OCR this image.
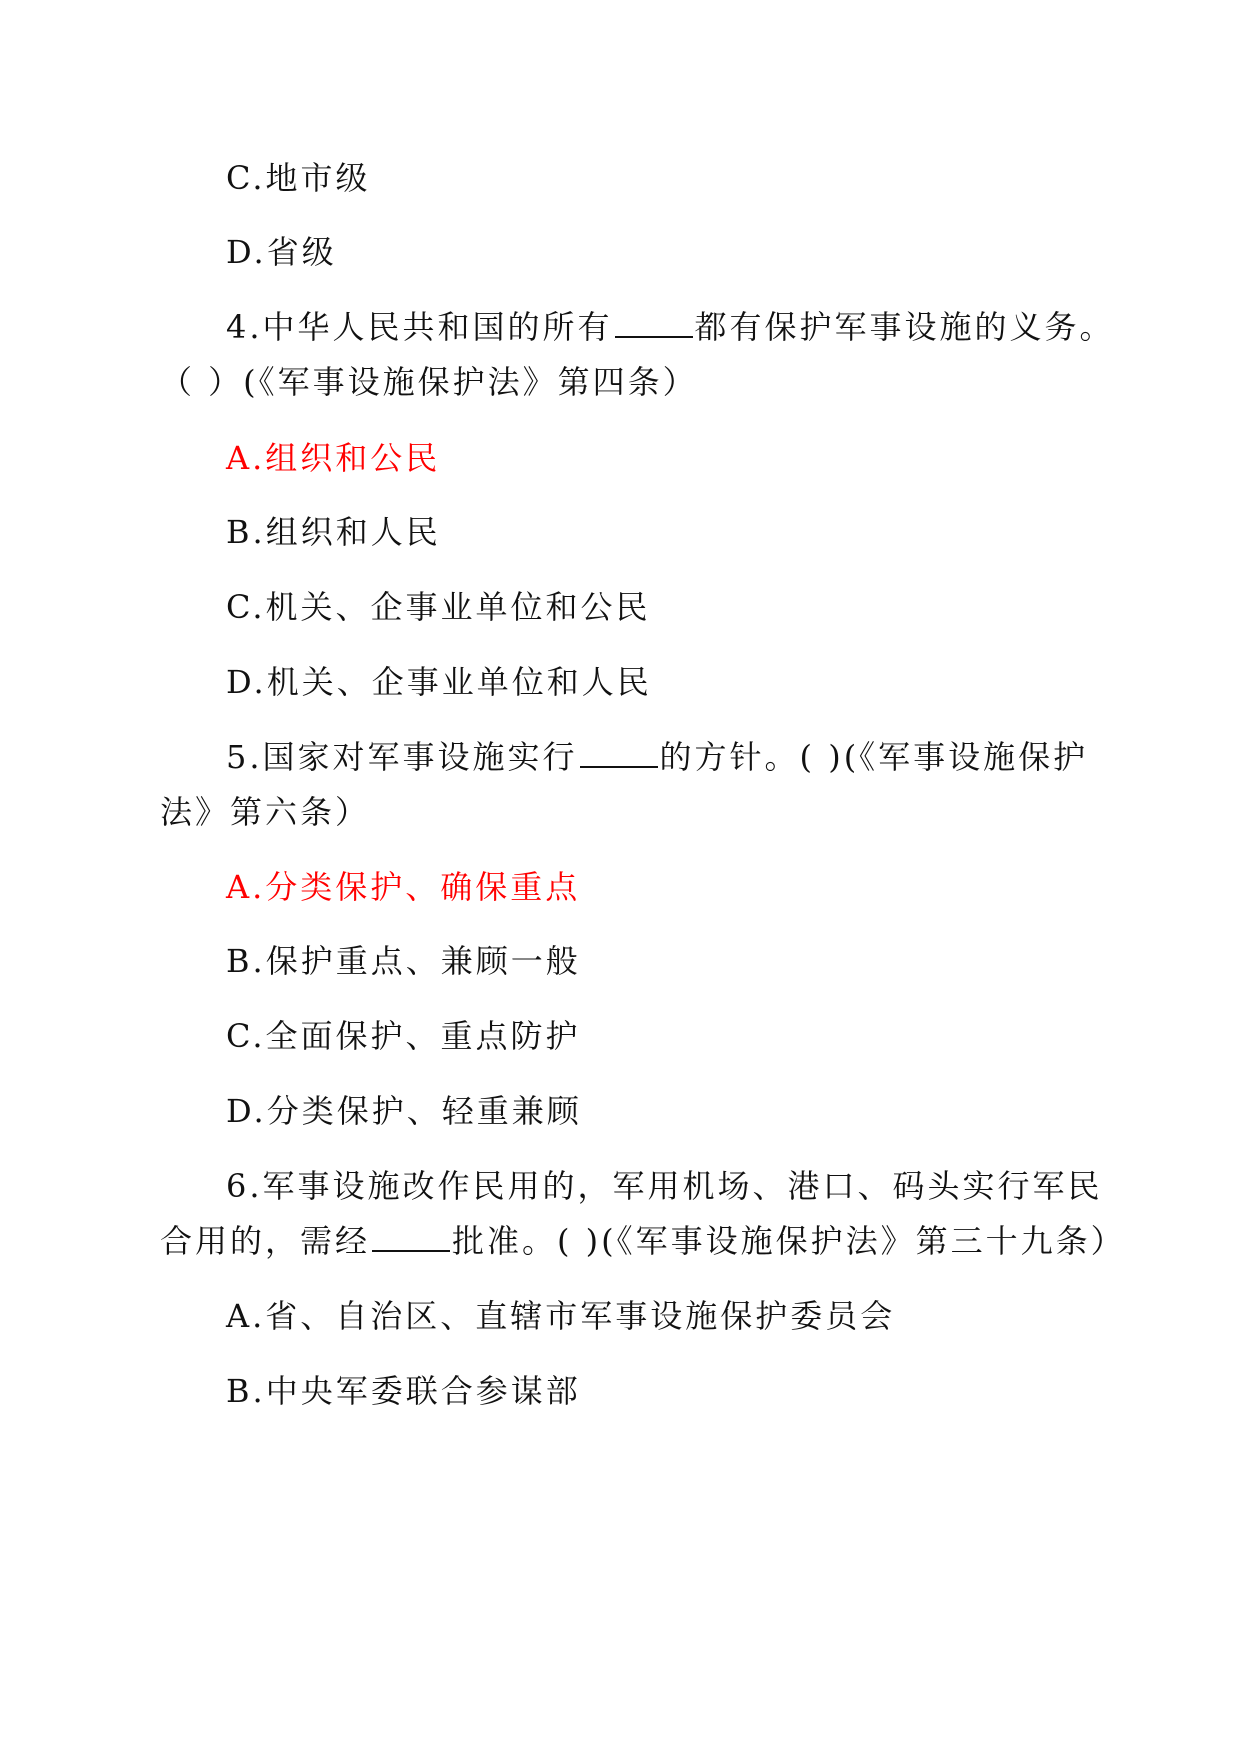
C.地市级
D.省级
4.中华人民共和国的所有	都有保护军事设施的义务。
（ ）(《军事设施保护法》第四条）
A.组织和公民
B.组织和人民
C.机关、企事业单位和公民
D.机关、企事业单位和人民
5.国家对军事设施实行	的方针。( )(《军事设施保护
法》第六条）
A.分类保护、确保重点
B.保护重点、兼顾一般
C.全面保护、重点防护
D.分类保护、轻重兼顾
6.军事设施改作民用的，军用机场、港口、码头实行军民
合用的，需经	批准。( )(《军事设施保护法》第三十九条）
A.省、自治区、直辖市军事设施保护委员会
B.中央军委联合参谋部
